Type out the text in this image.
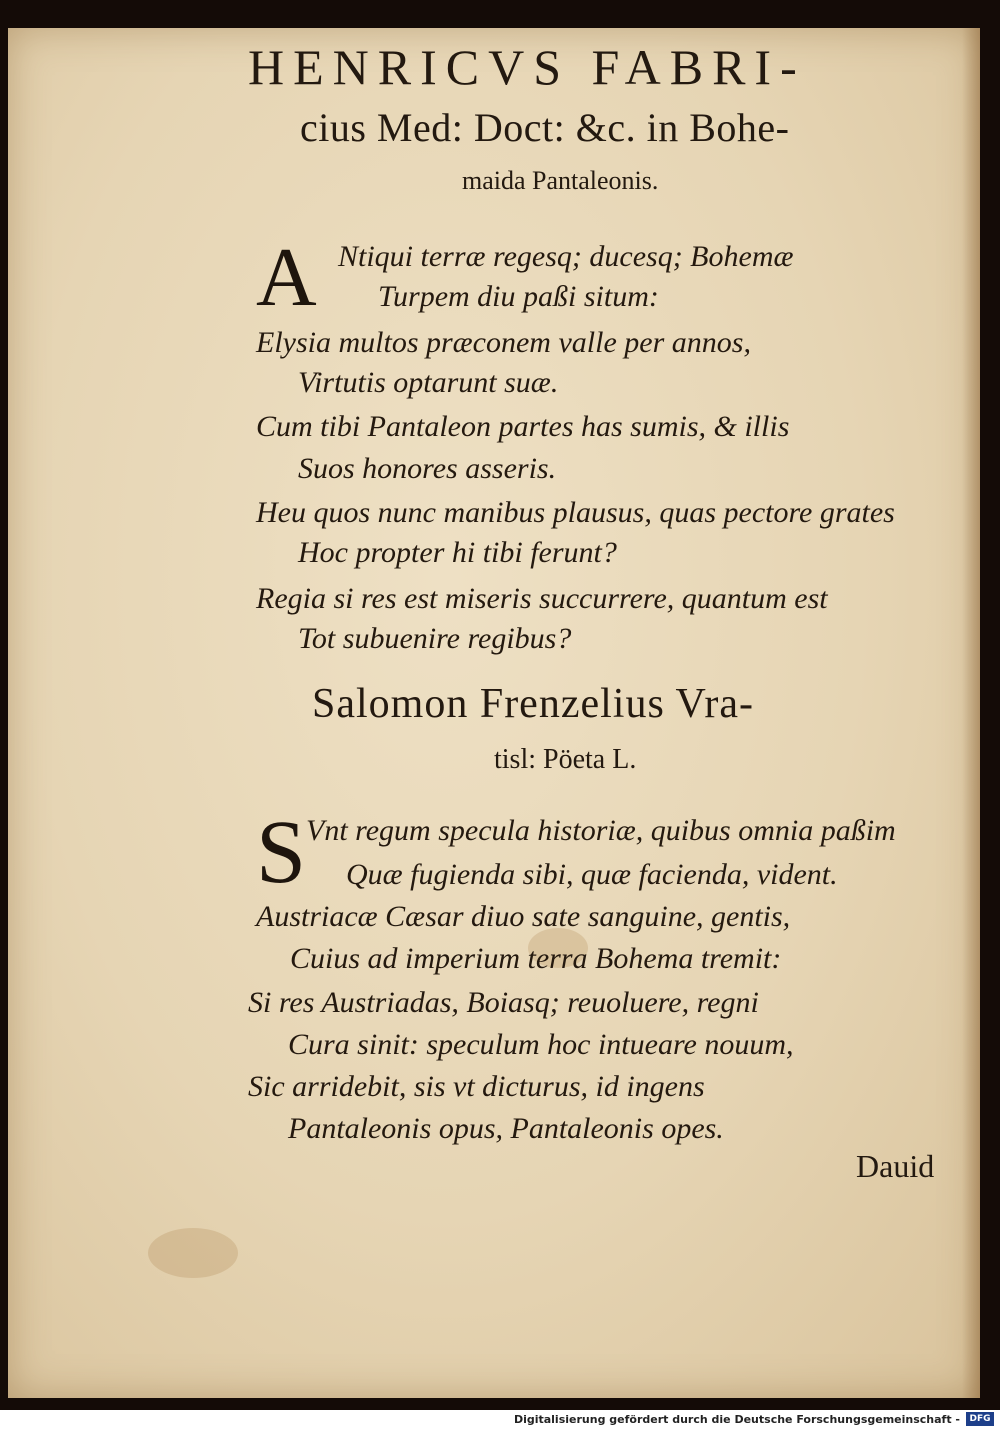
HENRICVS FABRI-
cius Med: Doct: &c. in Bohe-
maida Pantaleonis.
A Ntiqui terræ regesq; ducesq; Bohemæ
Turpem diu paßi situm:
Elysia multos præconem valle per annos,
Virtutis optarunt suæ.
Cum tibi Pantaleon partes has sumis, & illis
Suos honores asseris.
Heu quos nunc manibus plausus, quas pectore grates
Hoc propter hi tibi ferunt?
Regia si res est miseris succurrere, quantum est
Tot subuenire regibus?
Salomon Frenzelius Vra-
tisl: Pöeta L.
S Vnt regum specula historiæ, quibus omnia paßim
Quæ fugienda sibi, quæ facienda, vident.
Austriacæ Cæsar diuo sate sanguine, gentis,
Cuius ad imperium terra Bohema tremit:
Si res Austriadas, Boiasq; reuoluere, regni
Cura sinit: speculum hoc intueare nouum,
Sic arridebit, sis vt dicturus, id ingens
Pantaleonis opus, Pantaleonis opes.
Dauid
Digitalisierung gefördert durch die Deutsche Forschungsgemeinschaft -	DFG
